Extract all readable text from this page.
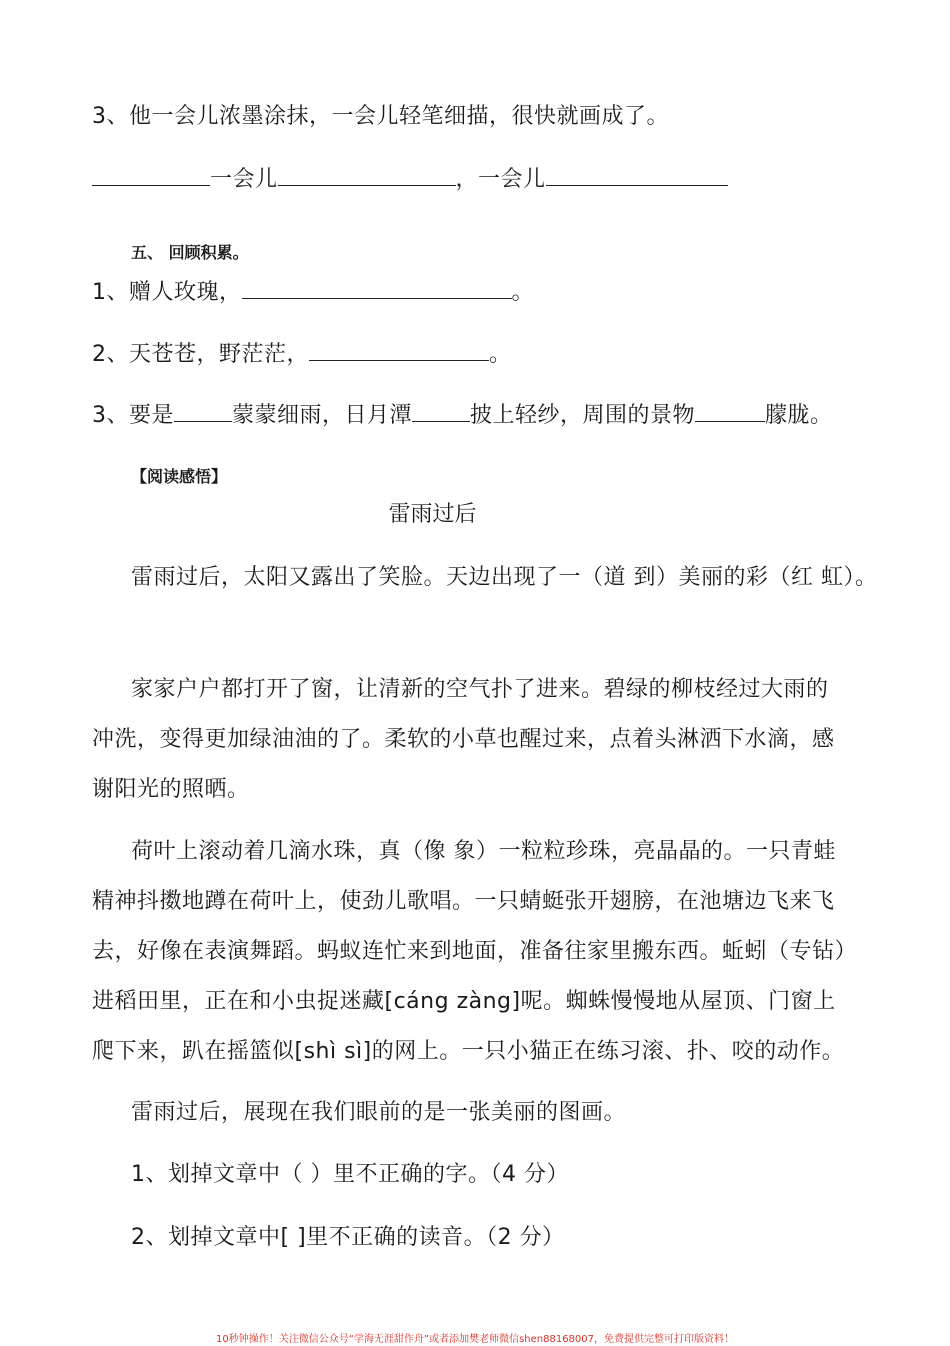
3、他一会儿浓墨涂抹，一会儿轻笔细描，很快就画成了。
一会儿	，一会儿
五、 回顾积累。
1、赠人玫瑰，	。
2、天苍苍，野茫茫，	。
3、要是	蒙蒙细雨，日月潭	披上轻纱，周围的景物	朦胧。
【阅读感悟】
雷雨过后
雷雨过后，太阳又露出了笑脸。天边出现了一（道 到）美丽的彩（红 虹）。
家家户户都打开了窗，让清新的空气扑了进来。碧绿的柳枝经过大雨的
冲洗，变得更加绿油油的了。柔软的小草也醒过来，点着头淋洒下水滴，感
谢阳光的照晒。
荷叶上滚动着几滴水珠，真（像 象）一粒粒珍珠，亮晶晶的。一只青蛙
精神抖擞地蹲在荷叶上，使劲儿歌唱。一只蜻蜓张开翅膀，在池塘边飞来飞
去，好像在表演舞蹈。蚂蚁连忙来到地面，准备往家里搬东西。蚯蚓（专钻）
进稻田里，正在和小虫捉迷藏[cáng zàng]呢。蜘蛛慢慢地从屋顶、门窗上
爬下来，趴在摇篮似[shì sì]的网上。一只小猫正在练习滚、扑、咬的动作。
雷雨过后，展现在我们眼前的是一张美丽的图画。
1、划掉文章中（ ）里不正确的字。（4 分）
2、划掉文章中[ ]里不正确的读音。（2 分）
10秒钟操作！关注微信公众号“学海无涯甜作舟”或者添加樊老师微信shen88168007，免费提供完整可打印版资料！
